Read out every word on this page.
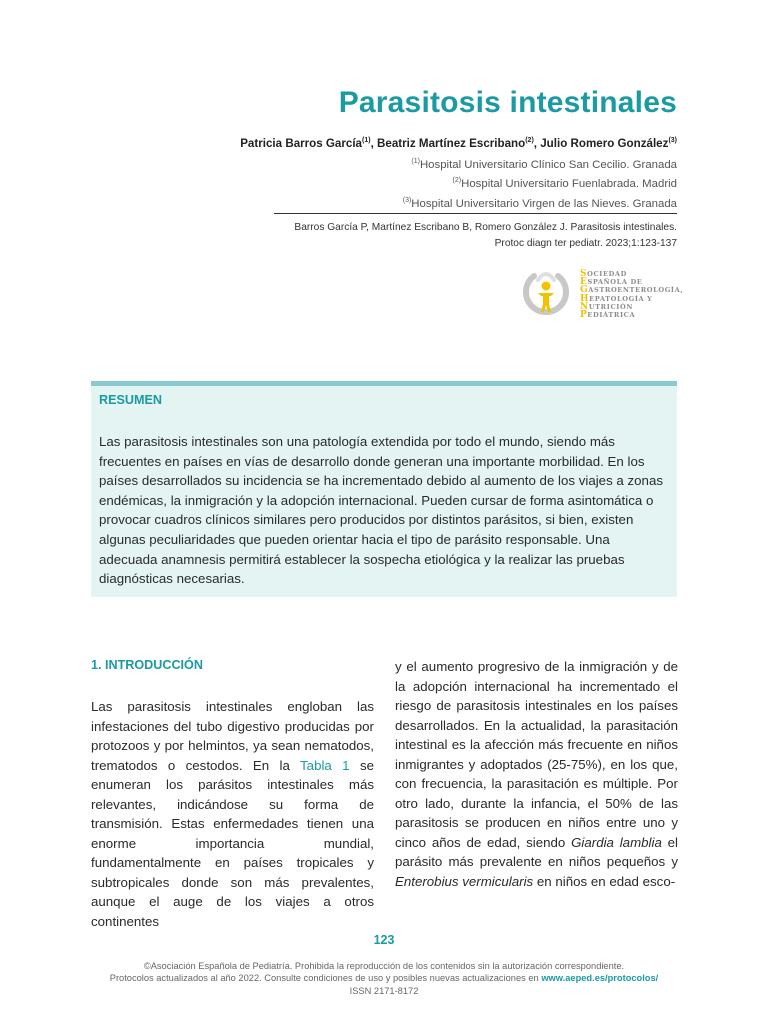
Parasitosis intestinales
Patricia Barros García$^{(1)}$, Beatriz Martínez Escribano$^{(2)}$, Julio Romero González$^{(3)}$
$^{(1)}$Hospital Universitario Clínico San Cecilio. Granada
$^{(2)}$Hospital Universitario Fuenlabrada. Madrid
$^{(3)}$Hospital Universitario Virgen de las Nieves. Granada
Barros García P, Martínez Escribano B, Romero González J. Parasitosis intestinales.
Protoc diagn ter pediatr. 2023;1:123-137
SOCIEDAD
ESPAÑOLA DE
GASTROENTEROLOGÍA,
HEPATOLOGÍA Y
NUTRICIÓN
PEDIÁTRICA
RESUMEN

Las parasitosis intestinales son una patología extendida por todo el mundo, siendo más frecuentes en países en vías de desarrollo donde generan una importante morbilidad. En los países desarrollados su incidencia se ha incrementado debido al aumento de los viajes a zonas endémicas, la inmigración y la adopción internacional. Pueden cursar de forma asintomática o provocar cuadros clínicos similares pero producidos por distintos parásitos, si bien, existen algunas peculiaridades que pueden orientar hacia el tipo de parásito responsable. Una adecuada anamnesis permitirá establecer la sospecha etiológica y la realizar las pruebas diagnósticas necesarias.

1. INTRODUCCIÓN

Las parasitosis intestinales engloban las infestaciones del tubo digestivo producidas por protozoos y por helmintos, ya sean nematodos, trematodos o cestodos. En la Tabla 1 se enumeran los parásitos intestinales más relevantes, indicándose su forma de transmisión. Estas enfermedades tienen una enorme importancia mundial, fundamentalmente en países tropicales y subtropicales donde son más prevalentes, aunque el auge de los viajes a otros continentes

y el aumento progresivo de la inmigración y de la adopción internacional ha incrementado el riesgo de parasitosis intestinales en los países desarrollados. En la actualidad, la parasitación intestinal es la afección más frecuente en niños inmigrantes y adoptados (25-75%), en los que, con frecuencia, la parasitación es múltiple. Por otro lado, durante la infancia, el 50% de las parasitosis se producen en niños entre uno y cinco años de edad, siendo Giardia lamblia el parásito más prevalente en niños pequeños y Enterobius vermicularis en niños en edad esco-

123
©Asociación Española de Pediatría. Prohibida la reproducción de los contenidos sin la autorización correspondiente.
Protocolos actualizados al año 2022. Consulte condiciones de uso y posibles nuevas actualizaciones en www.aeped.es/protocolos/
ISSN 2171-8172
